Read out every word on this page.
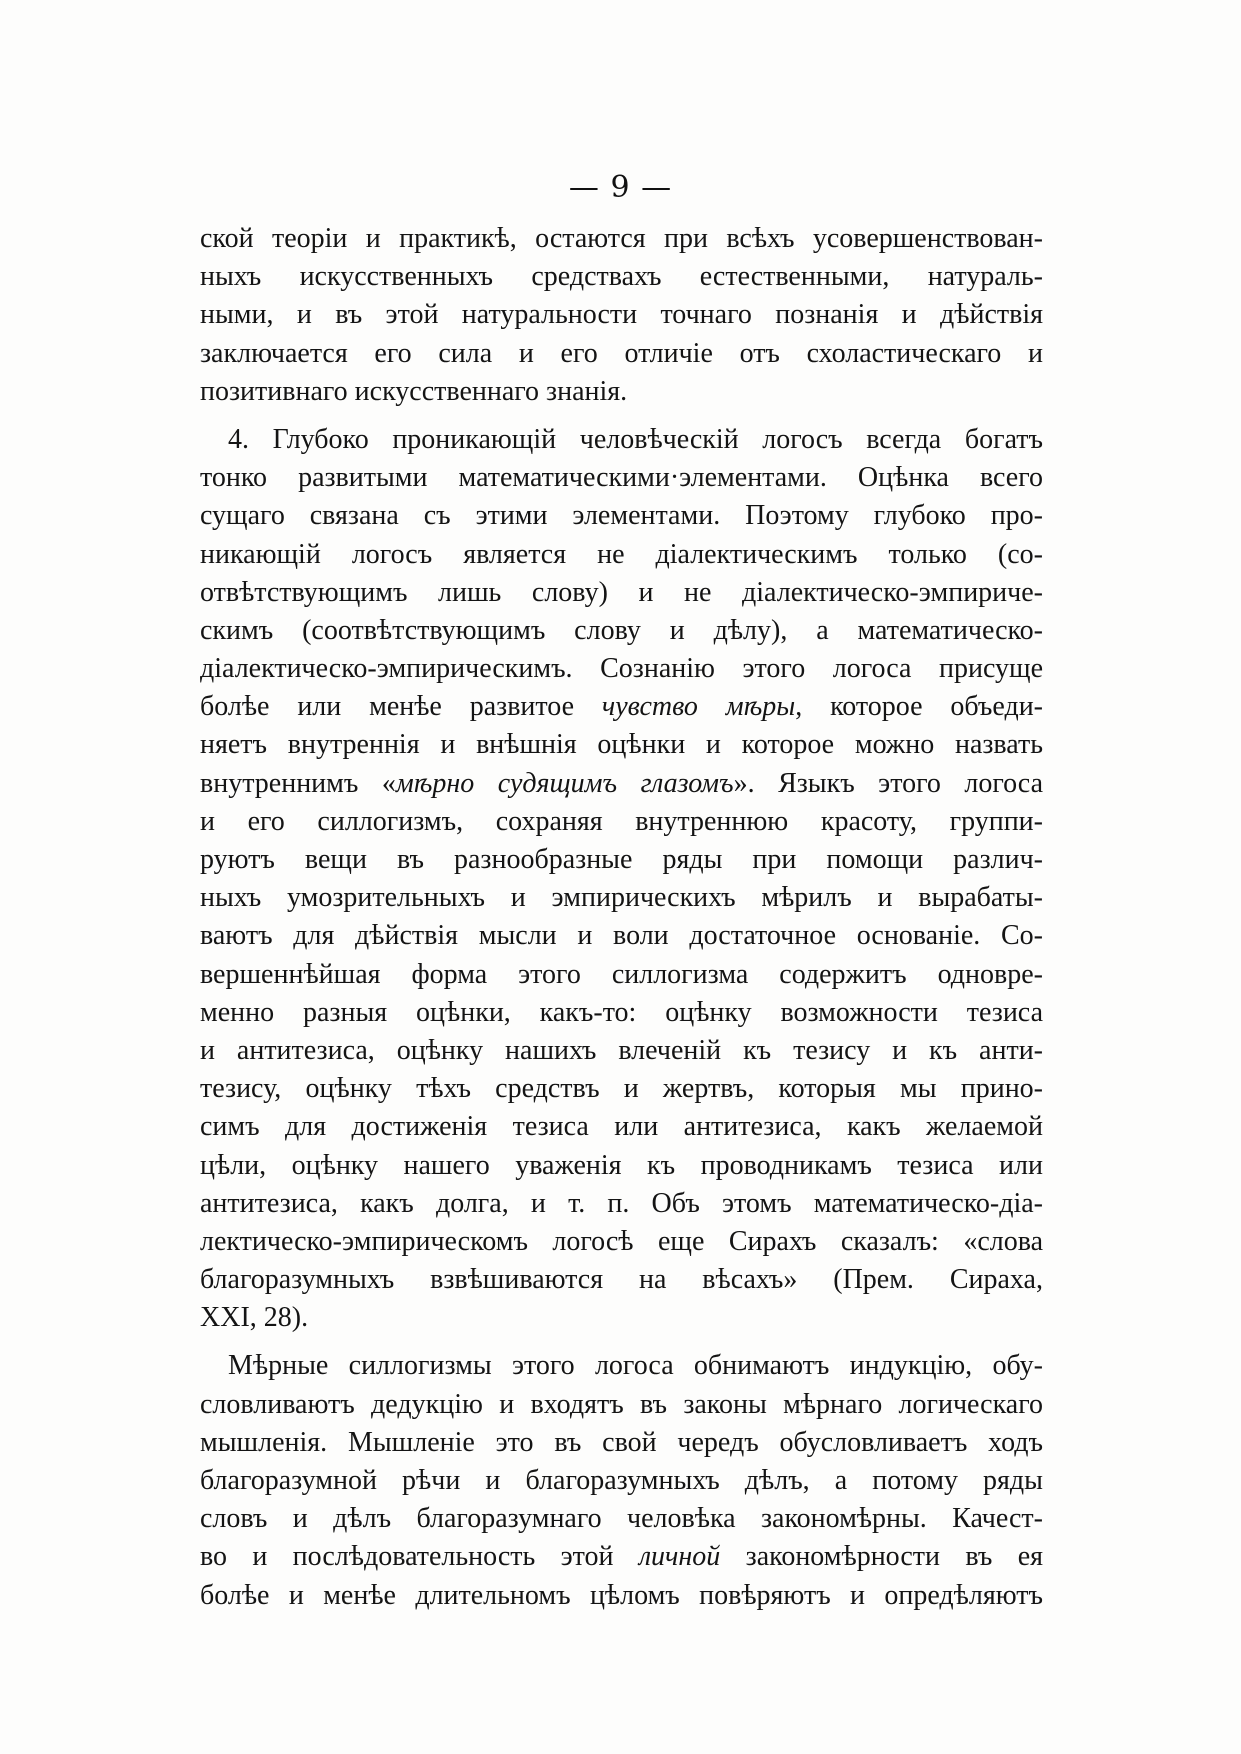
— 9 —
ской теоріи и практикѣ, остаются при всѣхъ усовершенствован-
ныхъ искусственныхъ средствахъ естественными, натураль-
ными, и въ этой натуральности точнаго познанія и дѣйствія
заключается его сила и его отличіе отъ схоластическаго и
позитивнаго искусственнаго знанія.
4. Глубоко проникающій человѣческій логосъ всегда богатъ
тонко развитыми математическими·элементами. Оцѣнка всего
сущаго связана съ этими элементами. Поэтому глубоко про-
никающій логосъ является не діалектическимъ только (со-
отвѣтствующимъ лишь слову) и не діалектическо-эмпириче-
скимъ (соотвѣтствующимъ слову и дѣлу), а математическо-
діалектическо-эмпирическимъ. Сознанію этого логоса присуще
болѣе или менѣе развитое чувство мѣры, которое объеди-
няетъ внутреннія и внѣшнія оцѣнки и которое можно назвать
внутреннимъ «мѣрно судящимъ глазомъ». Языкъ этого логоса
и его силлогизмъ, сохраняя внутреннюю красоту, группи-
руютъ вещи въ разнообразные ряды при помощи различ-
ныхъ умозрительныхъ и эмпирическихъ мѣрилъ и вырабаты-
ваютъ для дѣйствія мысли и воли достаточное основаніе. Со-
вершеннѣйшая форма этого силлогизма содержитъ одновре-
менно разныя оцѣнки, какъ-то: оцѣнку возможности тезиса
и антитезиса, оцѣнку нашихъ влеченій къ тезису и къ анти-
тезису, оцѣнку тѣхъ средствъ и жертвъ, которыя мы прино-
симъ для достиженія тезиса или антитезиса, какъ желаемой
цѣли, оцѣнку нашего уваженія къ проводникамъ тезиса или
антитезиса, какъ долга, и т. п. Объ этомъ математическо-діа-
лектическо-эмпирическомъ логосѣ еще Сирахъ сказалъ: «слова
благоразумныхъ взвѣшиваются на вѣсахъ» (Прем. Сираха,
XXI, 28).
Мѣрные силлогизмы этого логоса обнимаютъ индукцію, обу-
словливаютъ дедукцію и входятъ въ законы мѣрнаго логическаго
мышленія. Мышленіе это въ свой чередъ обусловливаетъ ходъ
благоразумной рѣчи и благоразумныхъ дѣлъ, а потому ряды
словъ и дѣлъ благоразумнаго человѣка закономѣрны. Качест-
во и послѣдовательность этой личной закономѣрности въ ея
болѣе и менѣе длительномъ цѣломъ повѣряютъ и опредѣляютъ
